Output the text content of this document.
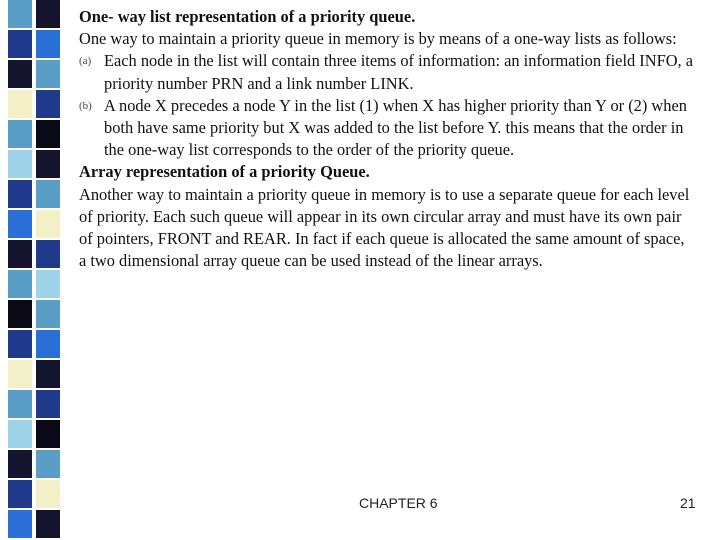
One- way list representation of a priority queue.

One way to maintain a priority queue in memory is by means of a one-way lists as follows:

(a) Each node in the list will contain three items of information: an information field INFO, a priority number PRN and a link number LINK.
(b) A node X precedes a node Y in the list (1) when X has higher priority than Y or (2) when both have same priority but X was added to the list before Y. this means that the order in the one-way list corresponds to the order of the priority queue.

Array representation of a priority Queue.

Another way to maintain a priority queue in memory is to use a separate queue for each level of priority. Each such queue will appear in its own circular array and must have its own pair of pointers, FRONT and REAR. In fact if each queue is allocated the same amount of space, a two dimensional array queue can be used instead of the linear arrays.

CHAPTER 6	21
